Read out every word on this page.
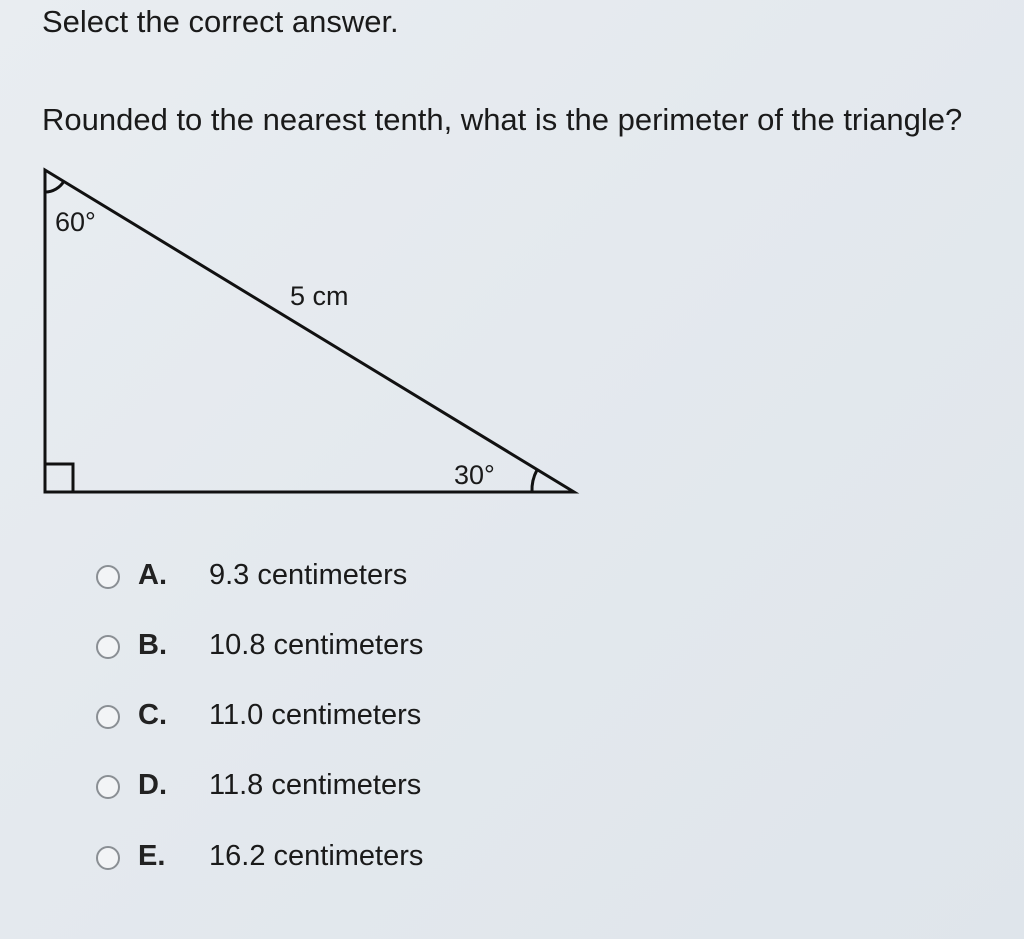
Select the correct answer.
Rounded to the nearest tenth, what is the perimeter of the triangle?
60°
5 cm
30°
A. 9.3 centimeters
B. 10.8 centimeters
C. 11.0 centimeters
D. 11.8 centimeters
E. 16.2 centimeters
